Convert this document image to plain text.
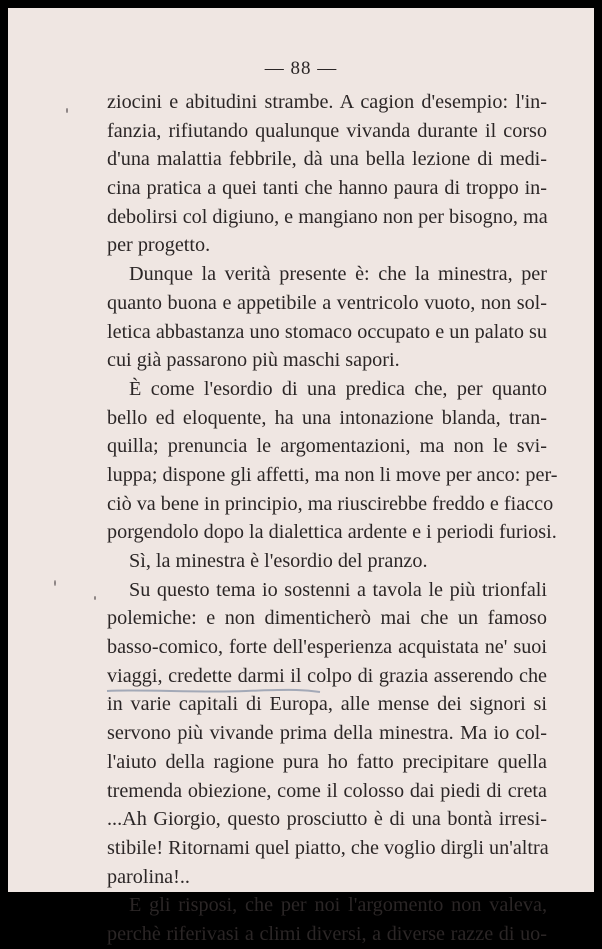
— 88 —
ziocini e abitudini strambe. A cagion d'esempio: l'in-
fanzia, rifiutando qualunque vivanda durante il corso
d'una malattia febbrile, dà una bella lezione di medi-
cina pratica a quei tanti che hanno paura di troppo in-
debolirsi col digiuno, e mangiano non per bisogno, ma
per progetto.
Dunque la verità presente è: che la minestra, per
quanto buona e appetibile a ventricolo vuoto, non sol-
letica abbastanza uno stomaco occupato e un palato su
cui già passarono più maschi sapori.
È come l'esordio di una predica che, per quanto
bello ed eloquente, ha una intonazione blanda, tran-
quilla; prenuncia le argomentazioni, ma non le svi-
luppa; dispone gli affetti, ma non li move per anco: per-
ciò va bene in principio, ma riuscirebbe freddo e fiacco
porgendolo dopo la dialettica ardente e i periodi furiosi.
Sì, la minestra è l'esordio del pranzo.
Su questo tema io sostenni a tavola le più trionfali
polemiche: e non dimenticherò mai che un famoso
basso-comico, forte dell'esperienza acquistata ne' suoi
viaggi, credette darmi il colpo di grazia asserendo che
in varie capitali di Europa, alle mense dei signori si
servono più vivande prima della minestra. Ma io col-
l'aiuto della ragione pura ho fatto precipitare quella
tremenda obiezione, come il colosso dai piedi di creta
...Ah Giorgio, questo prosciutto è di una bontà irresi-
stibile! Ritornami quel piatto, che voglio dirgli un'altra
parolina!..
E gli risposi, che per noi l'argomento non valeva,
perchè riferivasi a climi diversi, a diverse razze di uo-
